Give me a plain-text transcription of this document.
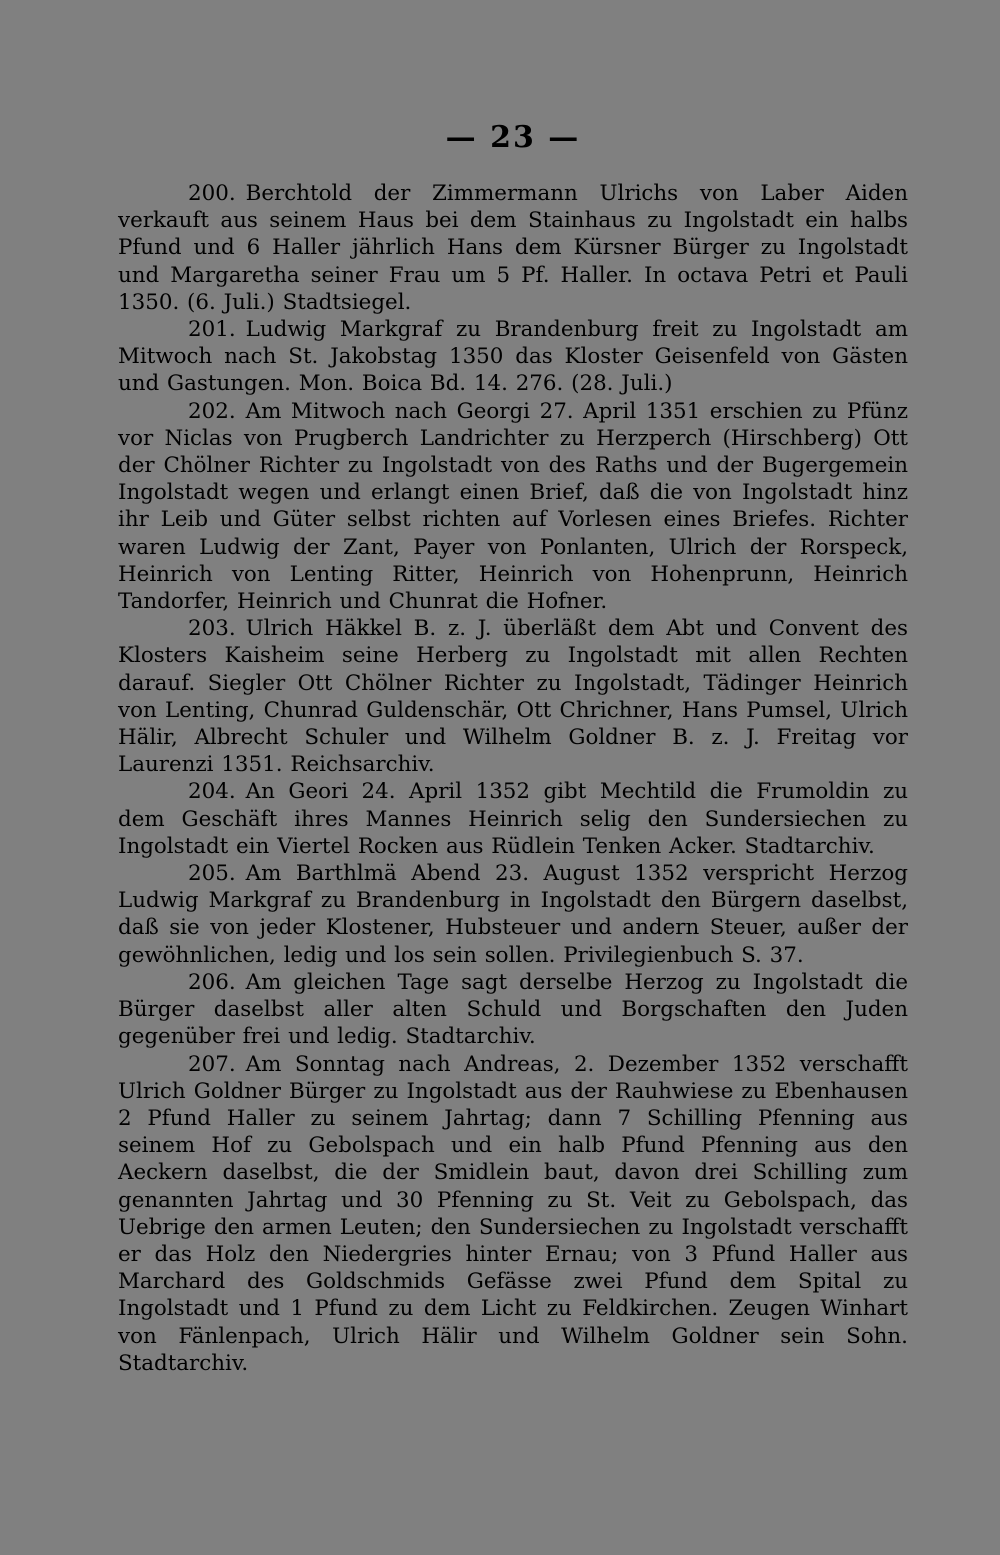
— 23 —

200. Berchtold der Zimmermann Ulrichs von Laber Aiden verkauft aus seinem Haus bei dem Stainhaus zu Ingolstadt ein halbs Pfund und 6 Haller jährlich Hans dem Kürsner Bürger zu Ingolstadt und Margaretha seiner Frau um 5 Pf. Haller. In octava Petri et Pauli 1350. (6. Juli.) Stadtsiegel.

201. Ludwig Markgraf zu Brandenburg freit zu Ingolstadt am Mitwoch nach St. Jakobstag 1350 das Kloster Geisenfeld von Gästen und Gastungen. Mon. Boica Bd. 14. 276. (28. Juli.)

202. Am Mitwoch nach Georgi 27. April 1351 erschien zu Pfünz vor Niclas von Prugberch Landrichter zu Herzperch (Hirschberg) Ott der Chölner Richter zu Ingolstadt von des Raths und der Bugergemein Ingolstadt wegen und erlangt einen Brief, daß die von Ingolstadt hinz ihr Leib und Güter selbst richten auf Vorlesen eines Briefes. Richter waren Ludwig der Zant, Payer von Ponlanten, Ulrich der Rorspeck, Heinrich von Lenting Ritter, Heinrich von Hohenprunn, Heinrich Tandorfer, Heinrich und Chunrat die Hofner.

203. Ulrich Häkkel B. z. J. überläßt dem Abt und Convent des Klosters Kaisheim seine Herberg zu Ingolstadt mit allen Rechten darauf. Siegler Ott Chölner Richter zu Ingolstadt, Tädinger Heinrich von Lenting, Chunrad Guldenschär, Ott Chrichner, Hans Pumsel, Ulrich Hälir, Albrecht Schuler und Wilhelm Goldner B. z. J. Freitag vor Laurenzi 1351. Reichsarchiv.

204. An Geori 24. April 1352 gibt Mechtild die Frumoldin zu dem Geschäft ihres Mannes Heinrich selig den Sundersiechen zu Ingolstadt ein Viertel Rocken aus Rüdlein Tenken Acker. Stadtarchiv.

205. Am Barthlmä Abend 23. August 1352 verspricht Herzog Ludwig Markgraf zu Brandenburg in Ingolstadt den Bürgern daselbst, daß sie von jeder Klostener, Hubsteuer und andern Steuer, außer der gewöhnlichen, ledig und los sein sollen. Privilegienbuch S. 37.

206. Am gleichen Tage sagt derselbe Herzog zu Ingolstadt die Bürger daselbst aller alten Schuld und Borgschaften den Juden gegenüber frei und ledig. Stadtarchiv.

207. Am Sonntag nach Andreas, 2. Dezember 1352 verschafft Ulrich Goldner Bürger zu Ingolstadt aus der Rauhwiese zu Ebenhausen 2 Pfund Haller zu seinem Jahrtag; dann 7 Schilling Pfenning aus seinem Hof zu Gebolspach und ein halb Pfund Pfenning aus den Aeckern daselbst, die der Smidlein baut, davon drei Schilling zum genannten Jahrtag und 30 Pfenning zu St. Veit zu Gebolspach, das Uebrige den armen Leuten; den Sundersiechen zu Ingolstadt verschafft er das Holz den Niedergries hinter Ernau; von 3 Pfund Haller aus Marchard des Goldschmids Gefässe zwei Pfund dem Spital zu Ingolstadt und 1 Pfund zu dem Licht zu Feldkirchen. Zeugen Winhart von Fänlenpach, Ulrich Hälir und Wilhelm Goldner sein Sohn. Stadtarchiv.
